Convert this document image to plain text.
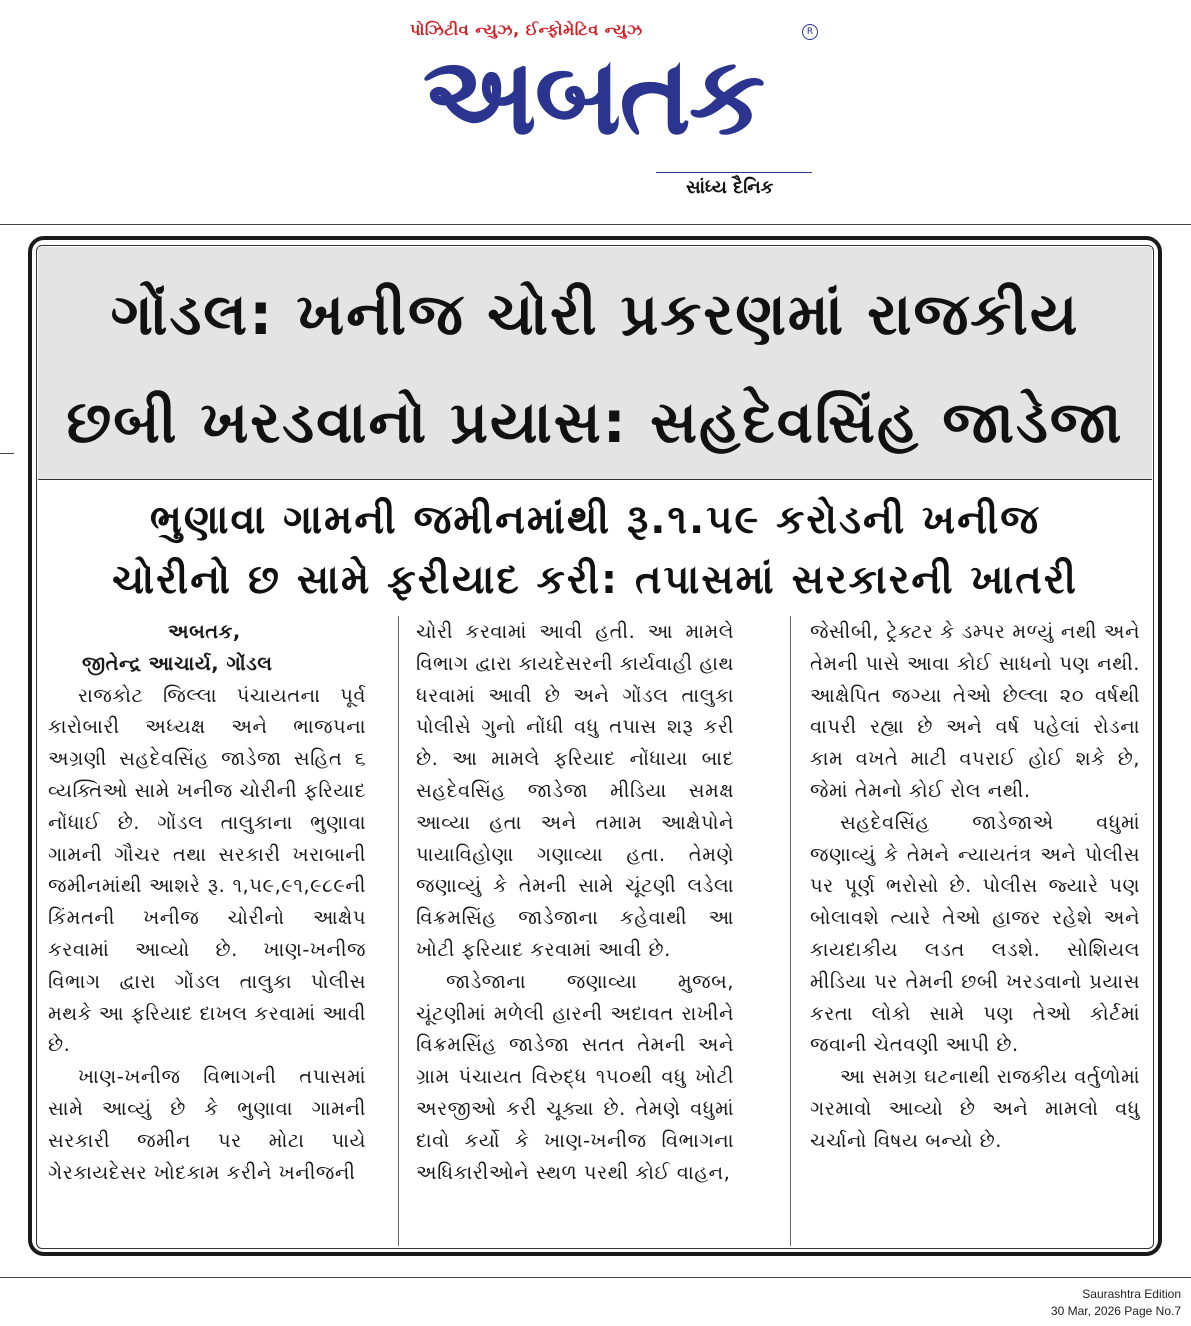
પોઝિટીવ ન્યુઝ, ઈન્ફોમેટિવ ન્યુઝ
અબતક
R
સાંધ્ય દૈનિક
ગોંડલ: ખનીજ ચોરી પ્રકરણમાં રાજકીય
છબી ખરડવાનો પ્રયાસ: સહદેવસિંહ જાડેજા
ભુણાવા ગામની જમીનમાંથી રૂ.૧.૫૯ કરોડની ખનીજ
ચોરીનો છ સામે ફરીયાદ કરી: તપાસમાં સરકારની ખાતરી

અબતક,

જીતેન્દ્ર આચાર્ય, ગોંડલ

રાજકોટ જિલ્લા પંચાયતના પૂર્વ કારોબારી અધ્યક્ષ અને ભાજપના અગ્રણી સહદેવસિંહ જાડેજા સહિત ૬ વ્યક્તિઓ સામે ખનીજ ચોરીની ફરિયાદ નોંધાઈ છે. ગોંડલ તાલુકાના ભુણાવા ગામની ગૌચર તથા સરકારી ખરાબાની જમીનમાંથી આશરે રૂ. ૧,૫૯,૯૧,૯૮૯ની કિંમતની ખનીજ ચોરીનો આક્ષેપ કરવામાં આવ્યો છે. ખાણ-ખનીજ વિભાગ દ્વારા ગોંડલ તાલુકા પોલીસ મથકે આ ફરિયાદ દાખલ કરવામાં આવી છે.

ખાણ-ખનીજ વિભાગની તપાસમાં સામે આવ્યું છે કે ભુણાવા ગામની સરકારી જમીન પર મોટા પાયે ગેરકાયદેસર ખોદકામ કરીને ખનીજની

ચોરી કરવામાં આવી હતી. આ મામલે વિભાગ દ્વારા કાયદેસરની કાર્યવાહી હાથ ધરવામાં આવી છે અને ગોંડલ તાલુકા પોલીસે ગુનો નોંધી વધુ તપાસ શરૂ કરી છે. આ મામલે ફરિયાદ નોંધાયા બાદ સહદેવસિંહ જાડેજા મીડિયા સમક્ષ આવ્યા હતા અને તમામ આક્ષેપોને પાયાવિહોણા ગણાવ્યા હતા. તેમણે જણાવ્યું કે તેમની સામે ચૂંટણી લડેલા વિક્રમસિંહ જાડેજાના કહેવાથી આ ખોટી ફરિયાદ કરવામાં આવી છે.

જાડેજાના જણાવ્યા મુજબ, ચૂંટણીમાં મળેલી હારની અદાવત રાખીને વિક્રમસિંહ જાડેજા સતત તેમની અને ગ્રામ પંચાયત વિરુદ્ધ ૧૫૦થી વધુ ખોટી અરજીઓ કરી ચૂક્યા છે. તેમણે વધુમાં દાવો કર્યો કે ખાણ-ખનીજ વિભાગના અધિકારીઓને સ્થળ પરથી કોઈ વાહન,

જેસીબી, ટ્રેક્ટર કે ડમ્પર મળ્યું નથી અને તેમની પાસે આવા કોઈ સાધનો પણ નથી. આક્ષેપિત જગ્યા તેઓ છેલ્લા ૨૦ વર્ષથી વાપરી રહ્યા છે અને વર્ષ પહેલાં રોડના કામ વખતે માટી વપરાઈ હોઈ શકે છે, જેમાં તેમનો કોઈ રોલ નથી.

સહદેવસિંહ જાડેજાએ વધુમાં જણાવ્યું કે તેમને ન્યાયતંત્ર અને પોલીસ પર પૂર્ણ ભરોસો છે. પોલીસ જ્યારે પણ બોલાવશે ત્યારે તેઓ હાજર રહેશે અને કાયદાકીય લડત લડશે. સોશિયલ મીડિયા પર તેમની છબી ખરડવાનો પ્રયાસ કરતા લોકો સામે પણ તેઓ કોર્ટમાં જવાની ચેતવણી આપી છે.

આ સમગ્ર ઘટનાથી રાજકીય વર્તુળોમાં ગરમાવો આવ્યો છે અને મામલો વધુ ચર્ચાનો વિષય બન્યો છે.

Saurashtra Edition
30 Mar, 2026 Page No.7
